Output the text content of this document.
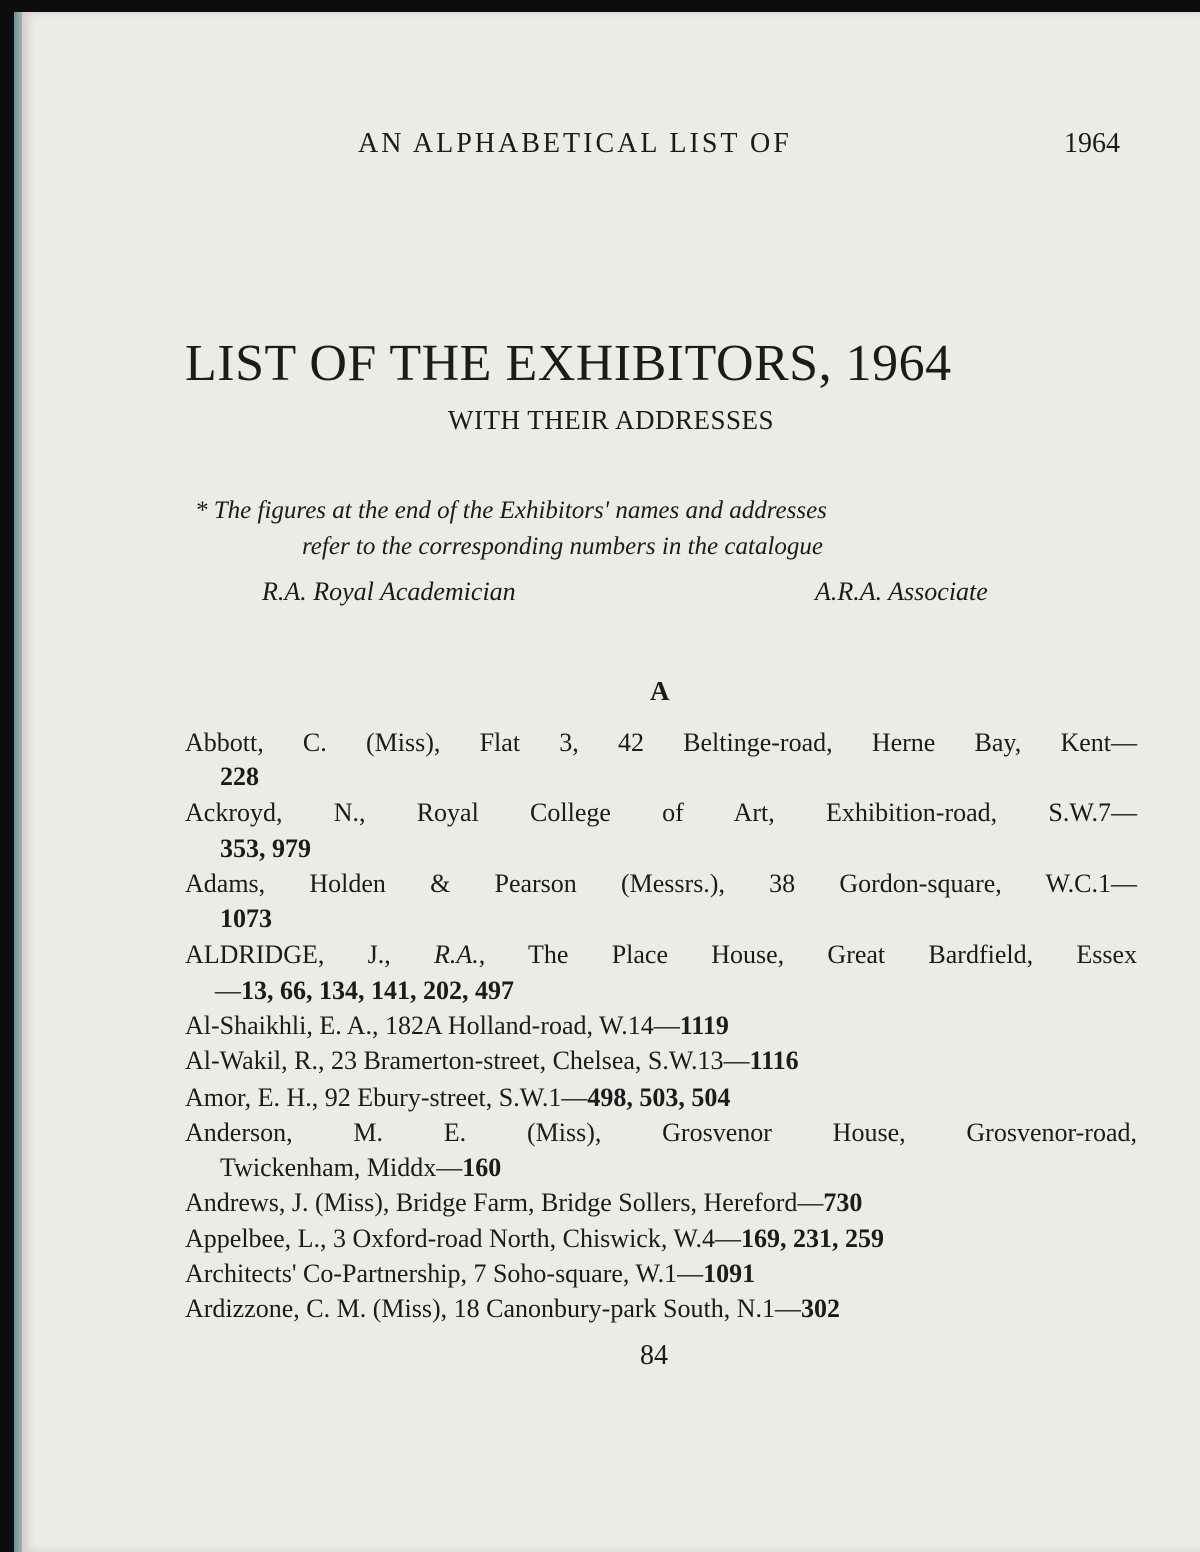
AN ALPHABETICAL LIST OF	1964
LIST OF THE EXHIBITORS, 1964
WITH THEIR ADDRESSES
* The figures at the end of the Exhibitors' names and addresses
refer to the corresponding numbers in the catalogue
R.A. Royal Academician	A.R.A. Associate
A
Abbott, C. (Miss), Flat 3, 42 Beltinge-road, Herne Bay, Kent—
228
Ackroyd, N., Royal College of Art, Exhibition-road, S.W.7—
353, 979
Adams, Holden & Pearson (Messrs.), 38 Gordon-square, W.C.1—
1073
ALDRIDGE, J., R.A., The Place House, Great Bardfield, Essex
—13, 66, 134, 141, 202, 497
Al-Shaikhli, E. A., 182A Holland-road, W.14—1119
Al-Wakil, R., 23 Bramerton-street, Chelsea, S.W.13—1116
Amor, E. H., 92 Ebury-street, S.W.1—498, 503, 504
Anderson, M. E. (Miss), Grosvenor House, Grosvenor-road,
Twickenham, Middx—160
Andrews, J. (Miss), Bridge Farm, Bridge Sollers, Hereford—730
Appelbee, L., 3 Oxford-road North, Chiswick, W.4—169, 231, 259
Architects' Co-Partnership, 7 Soho-square, W.1—1091
Ardizzone, C. M. (Miss), 18 Canonbury-park South, N.1—302
84
